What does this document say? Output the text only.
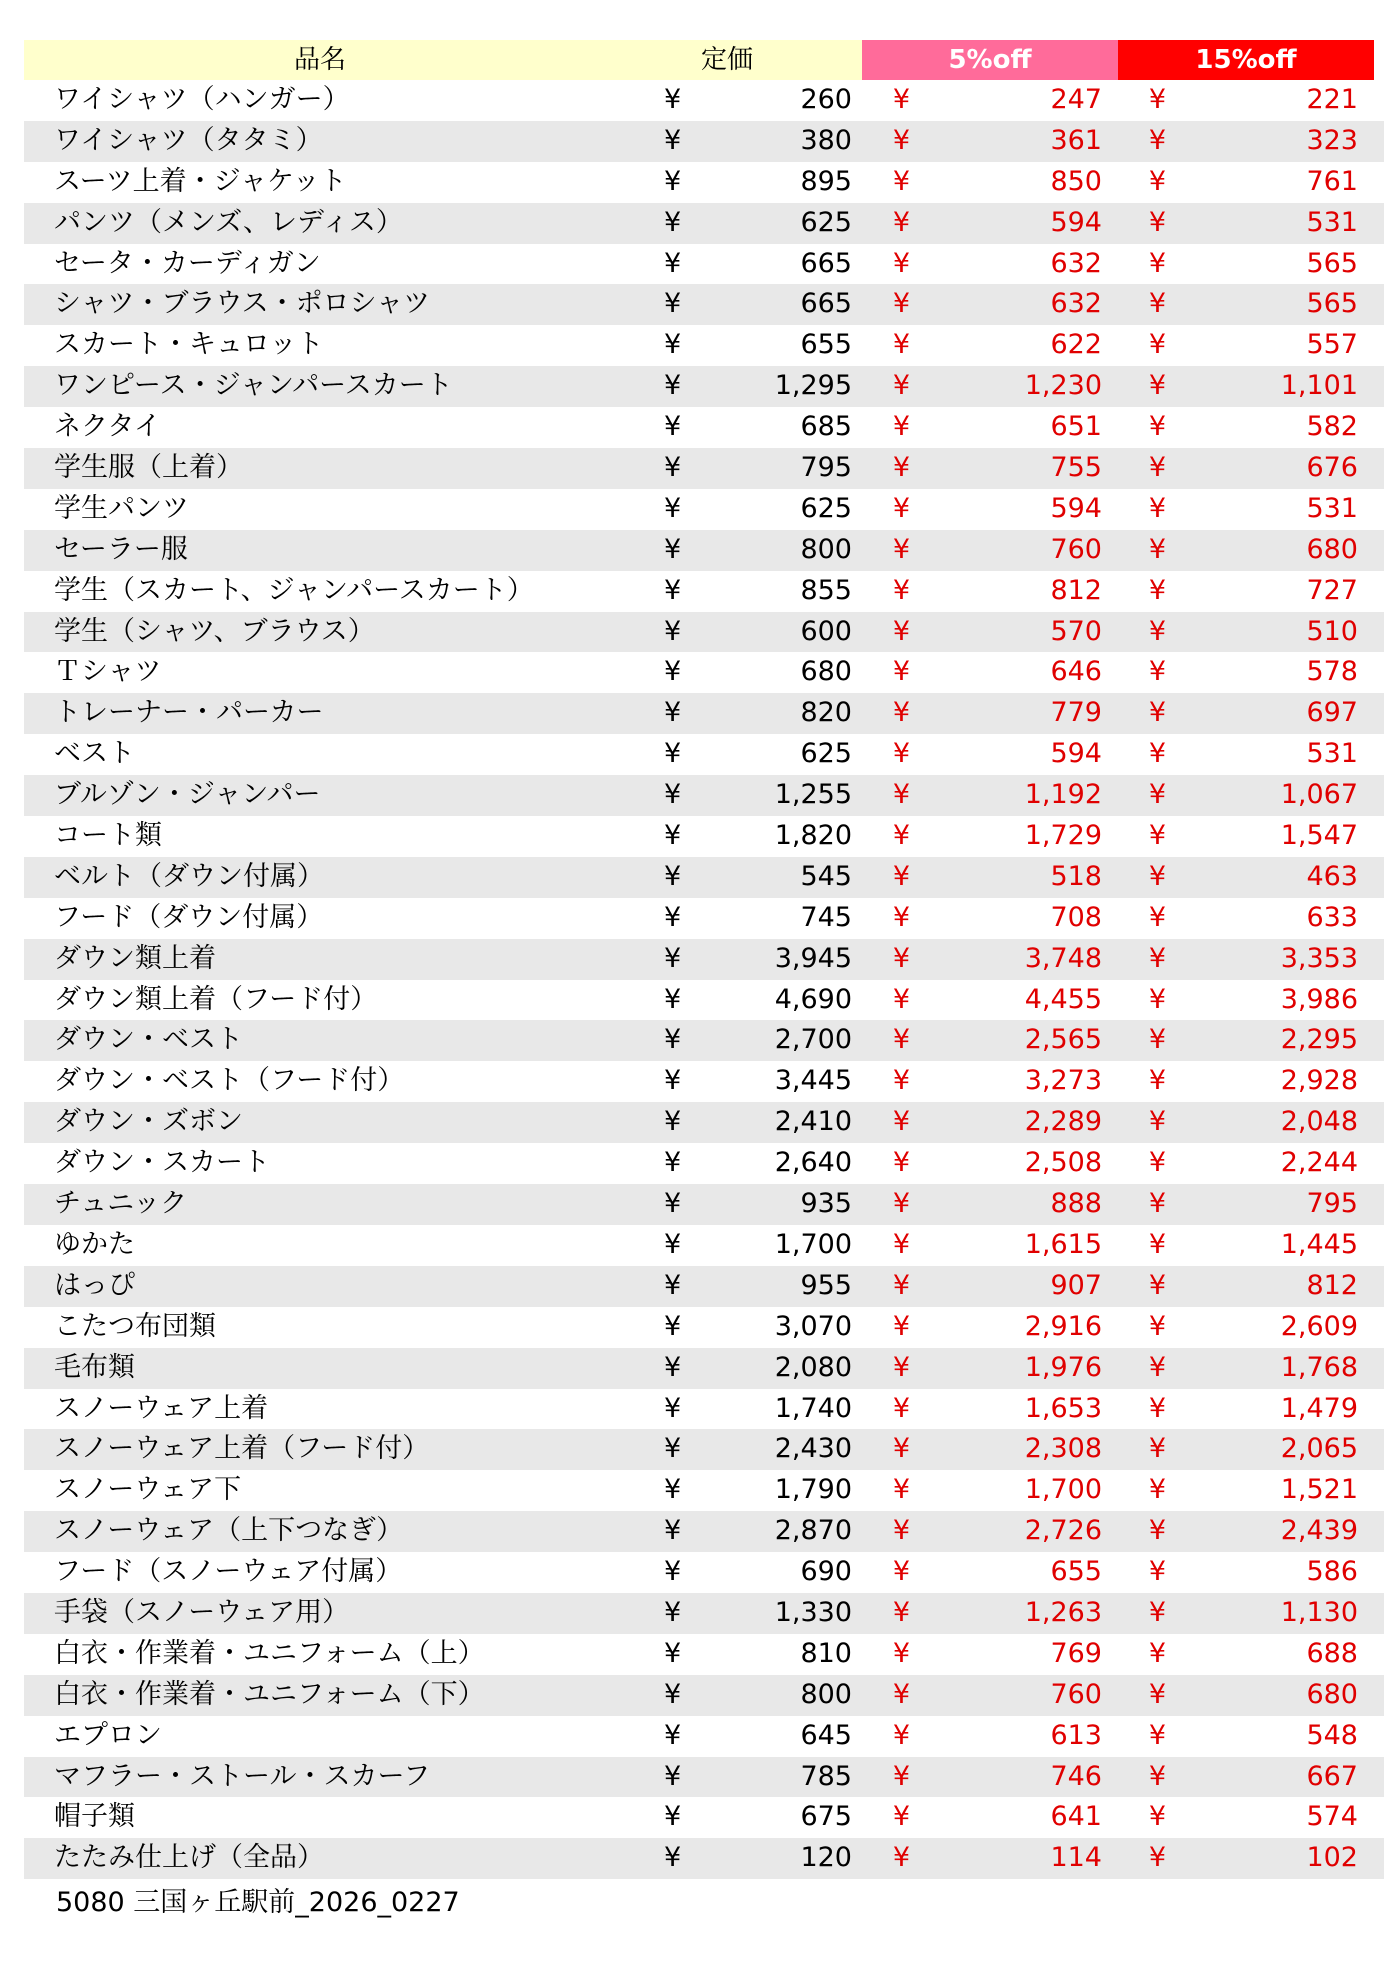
品名	定価	5%off	15%off
ワイシャツ（ハンガー）	¥	260	¥	247	¥	221
ワイシャツ（タタミ）	¥	380	¥	361	¥	323
スーツ上着・ジャケット	¥	895	¥	850	¥	761
パンツ（メンズ、レディス）	¥	625	¥	594	¥	531
セータ・カーディガン	¥	665	¥	632	¥	565
シャツ・ブラウス・ポロシャツ	¥	665	¥	632	¥	565
スカート・キュロット	¥	655	¥	622	¥	557
ワンピース・ジャンパースカート	¥	1,295	¥	1,230	¥	1,101
ネクタイ	¥	685	¥	651	¥	582
学生服（上着）	¥	795	¥	755	¥	676
学生パンツ	¥	625	¥	594	¥	531
セーラー服	¥	800	¥	760	¥	680
学生（スカート、ジャンパースカート）	¥	855	¥	812	¥	727
学生（シャツ、ブラウス）	¥	600	¥	570	¥	510
Ｔシャツ	¥	680	¥	646	¥	578
トレーナー・パーカー	¥	820	¥	779	¥	697
ベスト	¥	625	¥	594	¥	531
ブルゾン・ジャンパー	¥	1,255	¥	1,192	¥	1,067
コート類	¥	1,820	¥	1,729	¥	1,547
ベルト（ダウン付属）	¥	545	¥	518	¥	463
フード（ダウン付属）	¥	745	¥	708	¥	633
ダウン類上着	¥	3,945	¥	3,748	¥	3,353
ダウン類上着（フード付）	¥	4,690	¥	4,455	¥	3,986
ダウン・ベスト	¥	2,700	¥	2,565	¥	2,295
ダウン・ベスト（フード付）	¥	3,445	¥	3,273	¥	2,928
ダウン・ズボン	¥	2,410	¥	2,289	¥	2,048
ダウン・スカート	¥	2,640	¥	2,508	¥	2,244
チュニック	¥	935	¥	888	¥	795
ゆかた	¥	1,700	¥	1,615	¥	1,445
はっぴ	¥	955	¥	907	¥	812
こたつ布団類	¥	3,070	¥	2,916	¥	2,609
毛布類	¥	2,080	¥	1,976	¥	1,768
スノーウェア上着	¥	1,740	¥	1,653	¥	1,479
スノーウェア上着（フード付）	¥	2,430	¥	2,308	¥	2,065
スノーウェア下	¥	1,790	¥	1,700	¥	1,521
スノーウェア（上下つなぎ）	¥	2,870	¥	2,726	¥	2,439
フード（スノーウェア付属）	¥	690	¥	655	¥	586
手袋（スノーウェア用）	¥	1,330	¥	1,263	¥	1,130
白衣・作業着・ユニフォーム（上）	¥	810	¥	769	¥	688
白衣・作業着・ユニフォーム（下）	¥	800	¥	760	¥	680
エプロン	¥	645	¥	613	¥	548
マフラー・ストール・スカーフ	¥	785	¥	746	¥	667
帽子類	¥	675	¥	641	¥	574
たたみ仕上げ（全品）	¥	120	¥	114	¥	102
5080 三国ヶ丘駅前_2026_0227
